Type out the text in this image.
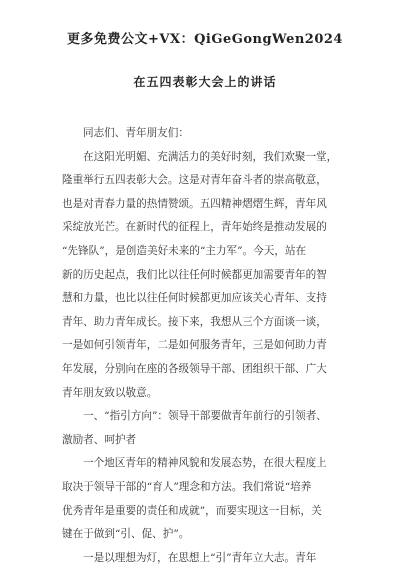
更多免费公文+VX：QiGeGongWen2024
在五四表彰大会上的讲话
同志们、青年朋友们：
在这阳光明媚、充满活力的美好时刻，我们欢聚一堂，
隆重举行五四表彰大会。这是对青年奋斗者的崇高敬意，
也是对青春力量的热情赞颂。五四精神熠熠生辉，青年风
采绽放光芒。在新时代的征程上，青年始终是推动发展的
“先锋队”，是创造美好未来的“主力军”。今天，站在
新的历史起点，我们比以往任何时候都更加需要青年的智
慧和力量，也比以往任何时候都更加应该关心青年、支持
青年、助力青年成长。接下来，我想从三个方面谈一谈，
一是如何引领青年，二是如何服务青年，三是如何助力青
年发展，分别向在座的各级领导干部、团组织干部、广大
青年朋友致以敬意。
一、“指引方向”：领导干部要做青年前行的引领者、
激励者、呵护者
一个地区青年的精神风貌和发展态势，在很大程度上
取决于领导干部的“育人”理念和方法。我们常说“培养
优秀青年是重要的责任和成就”，而要实现这一目标，关
键在于做到“引、促、护”。
一是以理想为灯，在思想上“引”青年立大志。青年
